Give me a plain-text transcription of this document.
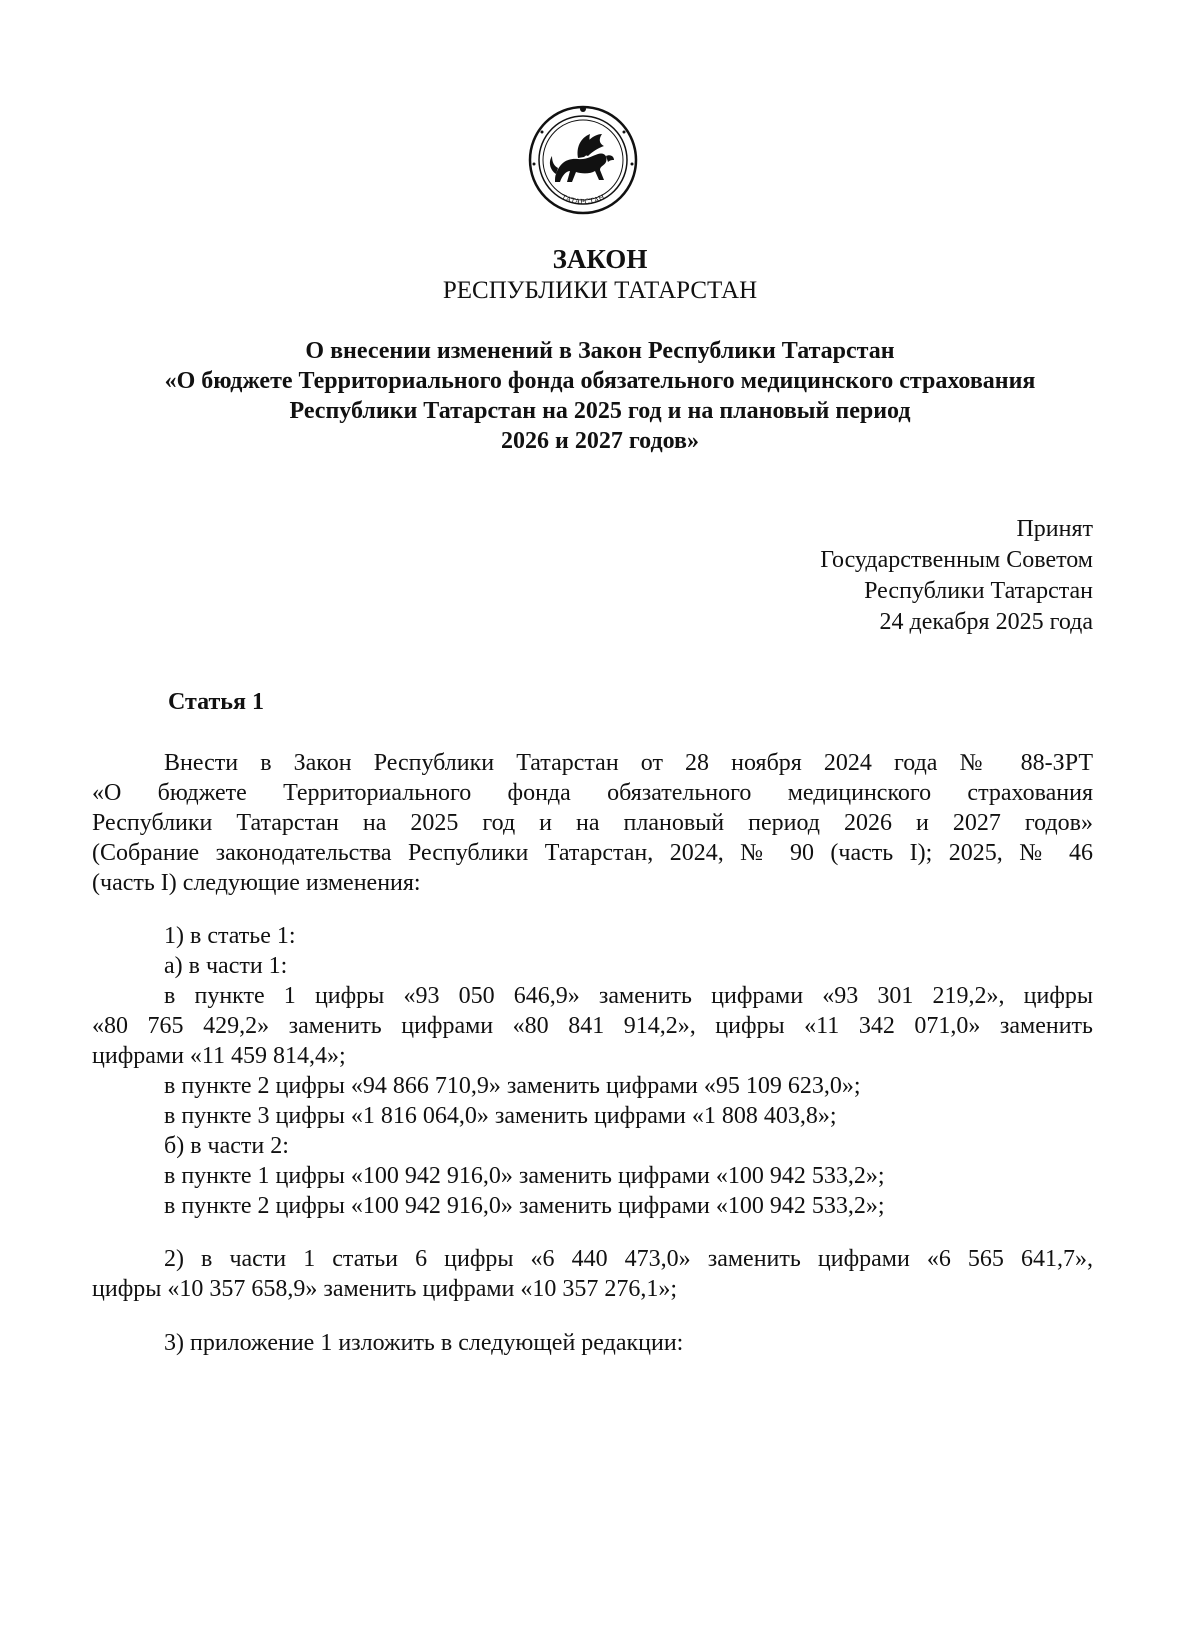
ТАТАРСТАН
ЗАКОН
РЕСПУБЛИКИ ТАТАРСТАН
О внесении изменений в Закон Республики Татарстан
«О бюджете Территориального фонда обязательного медицинского страхования
Республики Татарстан на 2025 год и на плановый период
2026 и 2027 годов»
Принят
Государственным Советом
Республики Татарстан
24 декабря 2025 года
Статья 1
Внести в Закон Республики Татарстан от 28 ноября 2024 года № 88-ЗРТ
«О бюджете Территориального фонда обязательного медицинского страхования
Республики Татарстан на 2025 год и на плановый период 2026 и 2027 годов»
(Собрание законодательства Республики Татарстан, 2024, № 90 (часть I); 2025, № 46
(часть I) следующие изменения:
1) в статье 1:
а) в части 1:
в пункте 1 цифры «93 050 646,9» заменить цифрами «93 301 219,2», цифры
«80 765 429,2» заменить цифрами «80 841 914,2», цифры «11 342 071,0» заменить
цифрами «11 459 814,4»;
в пункте 2 цифры «94 866 710,9» заменить цифрами «95 109 623,0»;
в пункте 3 цифры «1 816 064,0» заменить цифрами «1 808 403,8»;
б) в части 2:
в пункте 1 цифры «100 942 916,0» заменить цифрами «100 942 533,2»;
в пункте 2 цифры «100 942 916,0» заменить цифрами «100 942 533,2»;
2) в части 1 статьи 6 цифры «6 440 473,0» заменить цифрами «6 565 641,7»,
цифры «10 357 658,9» заменить цифрами «10 357 276,1»;
3) приложение 1 изложить в следующей редакции:
